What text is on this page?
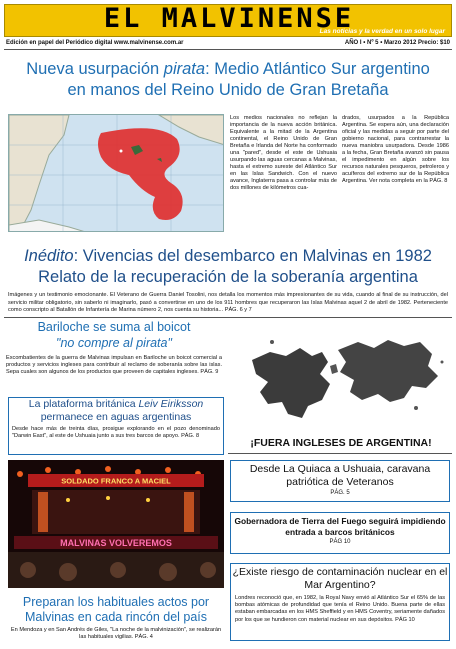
EL MALVINENSE
Las noticias y la verdad en un solo lugar
Edición en papel del Periódico digital www.malvinense.com.ar	AÑO I • Nº 5 • Marzo 2012 Precio: $10
Nueva usurpación pirata: Medio Atlántico Sur argentino
en manos del Reino Unido de Gran Bretaña
Los medios nacionales no reflejan la importancia de la nueva acción británica. Equivalente a la mitad de la Argentina continental, el Reino Unido de Gran Bretaña e Irlanda del Norte ha conformado una "pared", desde el este de Ushuaia usurpando las aguas cercanas a Malvinas, hasta el extremo sureste del Atlántico Sur en las Islas Sandwich. Con el nuevo avance, Inglaterra pasa a controlar más de dos millones de kilómetros cua-
drados, usurpados a la República Argentina. Se espera aún, una declaración oficial y las medidas a seguir por parte del gobierno nacional, para contrarrestar la nueva maniobra usurpadora. Desde 1986 a la fecha, Gran Bretaña avanzó sin pausa el impedimento en algún sobre los recursos naturales pesqueros, petroleros y acuíferos del extremo sur de la República Argentina. Ver nota completa en la PÁG. 8
Inédito: Vivencias del desembarco en Malvinas en 1982
Relato de la recuperación de la soberanía argentina
Imágenes y un testimonio emocionante. El Veterano de Guerra Daniel Tosolini, nos detalla los momentos más impresionantes de su vida, cuando al final de su instrucción, del servicio militar obligatorio, sin saberlo ni imaginarlo, pasó a convertirse en uno de los 911 hombres que recuperaron las Islas Malvinas aquel 2 de abril de 1982. Perteneciente como conscripto al Batallón de Infantería de Marina número 2, nos cuenta su historia... PÁG. 6 y 7
Bariloche se suma al boicot
"no compre al pirata"
Excombatientes de la guerra de Malvinas impulsan en Bariloche un boicot comercial a productos y servicios ingleses para contribuir al reclamo de soberanía sobre las islas. Sepa cuales son algunos de los productos que proveen de capitales ingleses. PÁG. 9
La plataforma británica Leiv Eiriksson
permanece en aguas argentinas
Desde hace más de treinta días, prosigue explorando en el pozo denominado "Darwin East", al este de Ushuaia junto a sus tres barcos de apoyo. PÁG. 8
¡FUERA INGLESES DE ARGENTINA!
SOLDADO FRANCO A MACIEL
MALVINAS VOLVEREMOS
Preparan los habituales actos por Malvinas en cada rincón del país
En Mendoza y en San Andrés de Giles, "La noche de la malvinización", se realizarán las habituales vigilias. PÁG. 4
Desde La Quiaca a Ushuaia, caravana patriótica de Veteranos
PÁG. 5
Gobernadora de Tierra del Fuego seguirá impidiendo entrada a barcos británicos
PÁG 10
¿Existe riesgo de contaminación nuclear en el Mar Argentino?
Londres reconoció que, en 1982, la Royal Navy envió al Atlántico Sur el 65% de las bombas atómicas de profundidad que tenía el Reino Unido. Buena parte de ellas estaban embarcadas en los HMS Sheffield y en HMS Coventry, seriamente dañados por los que se hundieron con material nuclear en sus depósitos. PÁG 10
